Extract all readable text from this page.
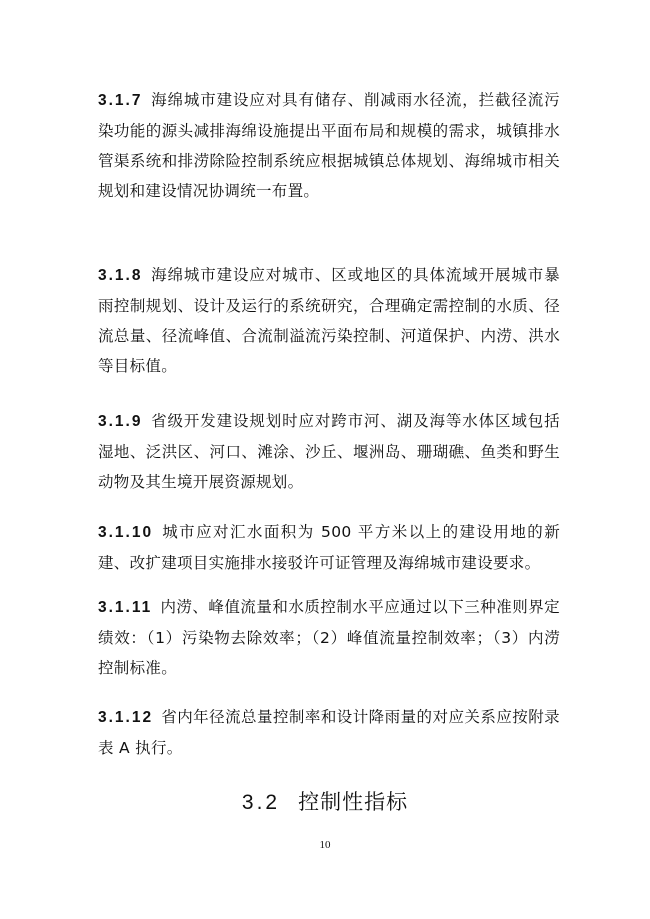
3.1.7 海绵城市建设应对具有储存、削减雨水径流，拦截径流污染功能的源头减排海绵设施提出平面布局和规模的需求，城镇排水管渠系统和排涝除险控制系统应根据城镇总体规划、海绵城市相关规划和建设情况协调统一布置。
3.1.8 海绵城市建设应对城市、区或地区的具体流域开展城市暴雨控制规划、设计及运行的系统研究，合理确定需控制的水质、径流总量、径流峰值、合流制溢流污染控制、河道保护、内涝、洪水等目标值。
3.1.9 省级开发建设规划时应对跨市河、湖及海等水体区域包括湿地、泛洪区、河口、滩涂、沙丘、堰洲岛、珊瑚礁、鱼类和野生动物及其生境开展资源规划。
3.1.10 城市应对汇水面积为 500 平方米以上的建设用地的新建、改扩建项目实施排水接驳许可证管理及海绵城市建设要求。
3.1.11 内涝、峰值流量和水质控制水平应通过以下三种准则界定绩效：（1）污染物去除效率；（2）峰值流量控制效率；（3）内涝控制标准。
3.1.12 省内年径流总量控制率和设计降雨量的对应关系应按附录表 A 执行。
3.2 控制性指标
10
